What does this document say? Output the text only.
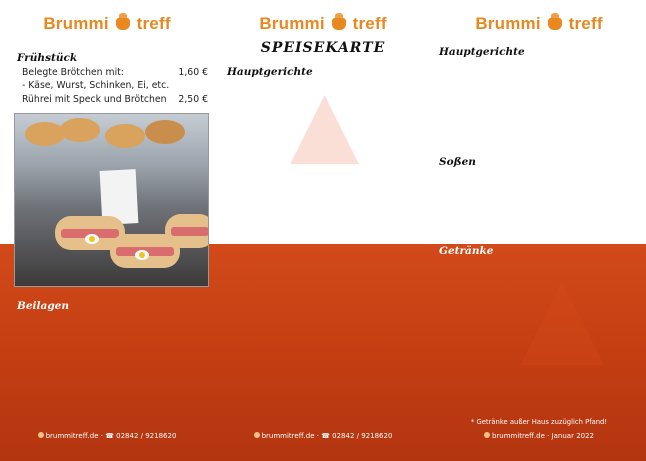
▲
▲
Brummi treff
Frühstück
Belegte Brötchen mit:	1,60 €
- Käse, Wurst, Schinken, Ei, etc.
Rührei mit Speck und Brötchen 2,50 €
Beilagen
brummitreff.de · ☎ 02842 / 9218620
Brummi treff
SPEISEKARTE
Hauptgerichte
brummitreff.de · ☎ 02842 / 9218620
Brummi treff
Hauptgerichte
Soßen
Getränke
* Getränke außer Haus zuzüglich Pfand!
brummitreff.de · Januar 2022
